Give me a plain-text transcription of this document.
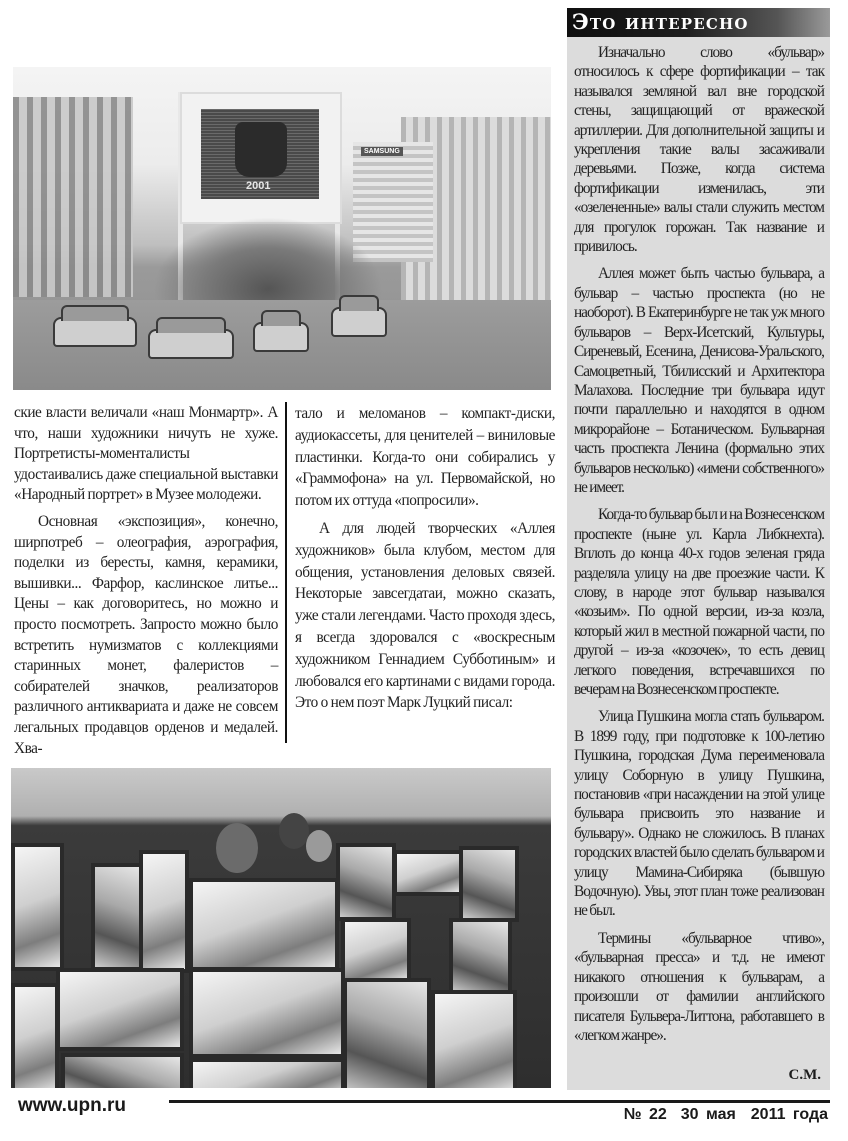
SAMSUNG
2001

ские власти величали «наш Монмартр». А что, наши художники ничуть не хуже. Портретисты-моменталисты удостаивались даже специальной выставки «Народный портрет» в Музее молодежи.

Основная «экспозиция», конечно, ширпотреб – олеография, аэрография, поделки из бересты, камня, керамики, вышивки... Фарфор, каслинское литье... Цены – как договоритесь, но можно и просто посмотреть. Запросто можно было встретить нумизматов с коллекциями старинных монет, фалеристов – собирателей значков, реализаторов различного антиквариата и даже не совсем легальных продавцов орденов и медалей. Хва-

тало и меломанов – компакт-диски, аудиокассеты, для ценителей – виниловые пластинки. Когда-то они собирались у «Граммофона» на ул. Первомайской, но потом их оттуда «попросили».

А для людей творческих «Аллея художников» была клубом, местом для общения, установления деловых связей. Некоторые завсегдатаи, можно сказать, уже стали легендами. Часто проходя здесь, я всегда здоровался с «воскресным художником Геннадием Субботиным» и любовался его картинами с видами города. Это о нем поэт Марк Луцкий писал:

Это интересно

Изначально слово «бульвар» относилось к сфере фортификации – так назывался земляной вал вне городской стены, защищающий от вражеской артиллерии. Для дополнительной защиты и укрепления такие валы засаживали деревьями. Позже, когда система фортификации изменилась, эти «озелененные» валы стали служить местом для прогулок горожан. Так название и привилось.

Аллея может быть частью бульвара, а бульвар – частью проспекта (но не наоборот). В Екатеринбурге не так уж много бульваров – Верх-Исетский, Культуры, Сиреневый, Есенина, Денисова-Уральского, Самоцветный, Тбилисский и Архитектора Малахова. Последние три бульвара идут почти параллельно и находятся в одном микрорайоне – Ботаническом. Бульварная часть проспекта Ленина (формально этих бульваров несколько) «имени собственного» не имеет.

Когда-то бульвар был и на Вознесенском проспекте (ныне ул. Карла Либкнехта). Вплоть до конца 40-х годов зеленая гряда разделяла улицу на две проезжие части. К слову, в народе этот бульвар назывался «козьим». По одной версии, из-за козла, который жил в местной пожарной части, по другой – из-за «козочек», то есть девиц легкого поведения, встречавшихся по вечерам на Вознесенском проспекте.

Улица Пушкина могла стать бульваром. В 1899 году, при подготовке к 100-летию Пушкина, городская Дума переименовала улицу Соборную в улицу Пушкина, постановив «при насаждении на этой улице бульвара присвоить это название и бульвару». Однако не сложилось. В планах городских властей было сделать бульваром и улицу Мамина-Сибиряка (бывшую Водочную). Увы, этот план тоже реализован не был.

Термины «бульварное чтиво», «бульварная пресса» и т.д. не имеют никакого отношения к бульварам, а произошли от фамилии английского писателя Бульвера-Литтона, работавшего в «легком жанре».

С.М.
www.upn.ru	№ 22 30 мая  2011 года
